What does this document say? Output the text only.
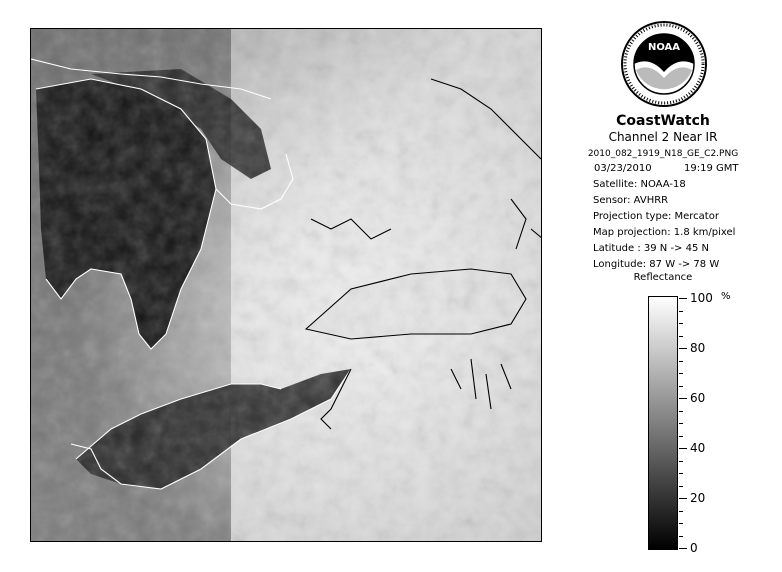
NOAA
CoastWatch
Channel 2 Near IR
2010_082_1919_N18_GE_C2.PNG
03/23/2010	19:19 GMT
Satellite: NOAA-18
Sensor: AVHRR
Projection type: Mercator
Map projection: 1.8 km/pixel
Latitude : 39 N -> 45 N
Longitude: 87 W -> 78 W
Reflectance
%
100
80
60
40
20
0
